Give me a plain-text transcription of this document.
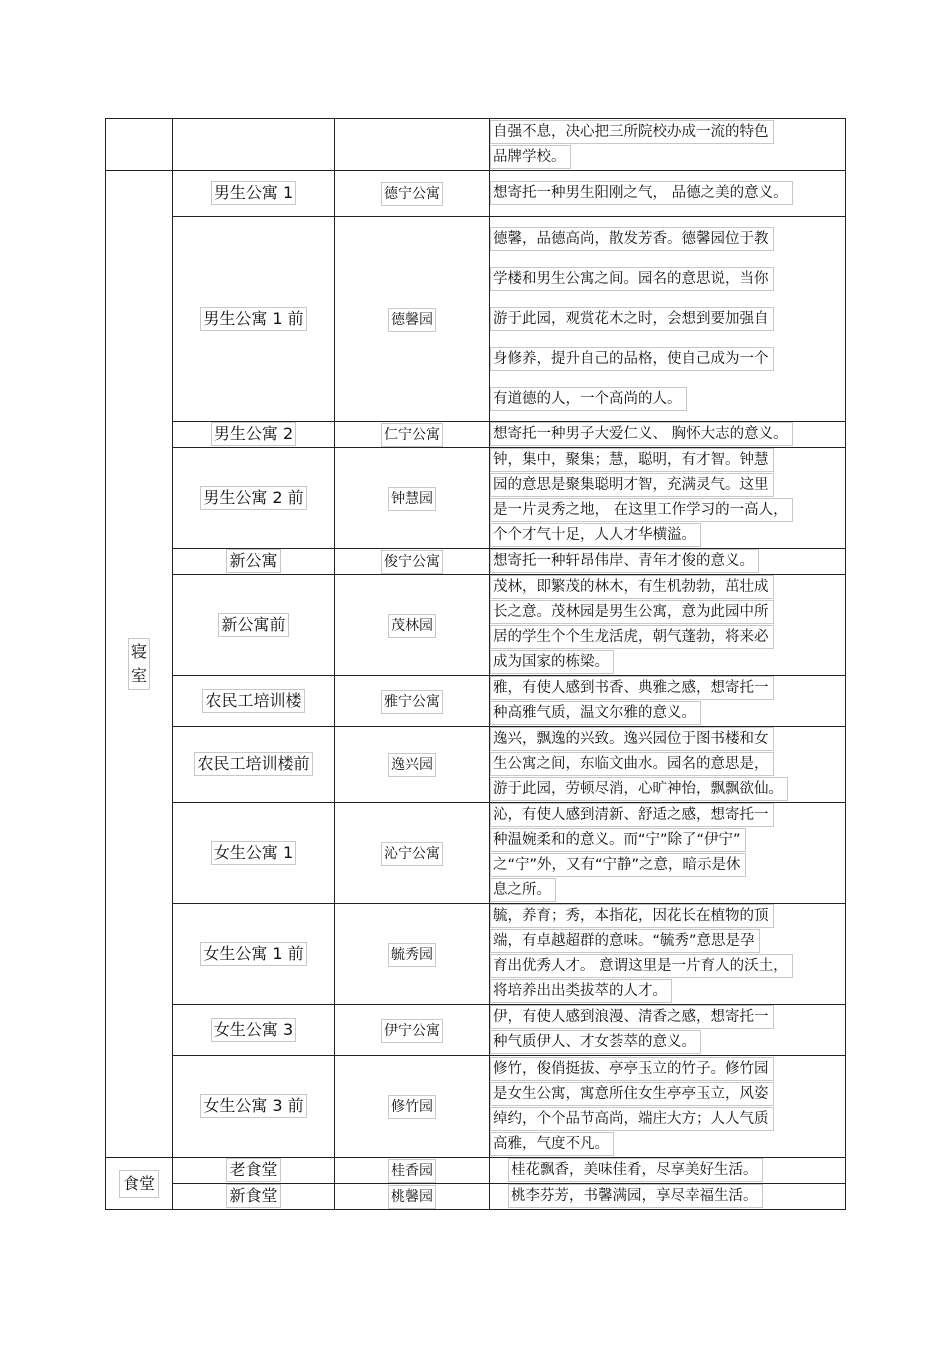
			自强不息，决心把三所院校办成一流的特色
品牌学校。

寝室	男生公寓 1	德宁公寓	想寄托一种男生阳刚之气， 品德之美的意义。

	男生公寓 1 前	德馨园	德馨，品德高尚，散发芳香。德馨园位于教
学楼和男生公寓之间。园名的意思说，当你
游于此园，观赏花木之时，会想到要加强自
身修养，提升自己的品格，使自己成为一个
有道德的人，一个高尚的人。

	男生公寓 2	仁宁公寓	想寄托一种男子大爱仁义、 胸怀大志的意义。

	男生公寓 2 前	钟慧园	钟，集中，聚集；慧，聪明，有才智。钟慧
园的意思是聚集聪明才智，充满灵气。这里
是一片灵秀之地， 在这里工作学习的一高人，
个个才气十足，人人才华横溢。

	新公寓	俊宁公寓	想寄托一种轩昂伟岸、青年才俊的意义。

	新公寓前	茂林园	茂林，即繁茂的林木，有生机勃勃，茁壮成
长之意。茂林园是男生公寓，意为此园中所
居的学生个个生龙活虎，朝气蓬勃，将来必
成为国家的栋梁。

	农民工培训楼	雅宁公寓	雅，有使人感到书香、典雅之感，想寄托一
种高雅气质，温文尔雅的意义。

	农民工培训楼前	逸兴园	逸兴，飘逸的兴致。逸兴园位于图书楼和女
生公寓之间，东临文曲水。园名的意思是，
游于此园，劳顿尽消，心旷神怡，飘飘欲仙。

	女生公寓 1	沁宁公寓	沁，有使人感到清新、舒适之感，想寄托一
种温婉柔和的意义。而“宁”除了“伊宁”
之“宁”外，又有“宁静”之意，暗示是休
息之所。

	女生公寓 1 前	毓秀园	毓，养育；秀，本指花，因花长在植物的顶
端，有卓越超群的意味。“毓秀”意思是孕
育出优秀人才。 意谓这里是一片育人的沃土，
将培养出出类拔萃的人才。

	女生公寓 3	伊宁公寓	伊，有使人感到浪漫、清香之感，想寄托一
种气质伊人、才女荟萃的意义。

	女生公寓 3 前	修竹园	修竹，俊俏挺拔、亭亭玉立的竹子。修竹园
是女生公寓，寓意所住女生亭亭玉立，风姿
绰约，个个品节高尚，端庄大方；人人气质
高雅，气度不凡。

食堂	老食堂	桂香园	桂花飘香，美味佳肴，尽享美好生活。

	新食堂	桃馨园	桃李芬芳，书馨满园，享尽幸福生活。
